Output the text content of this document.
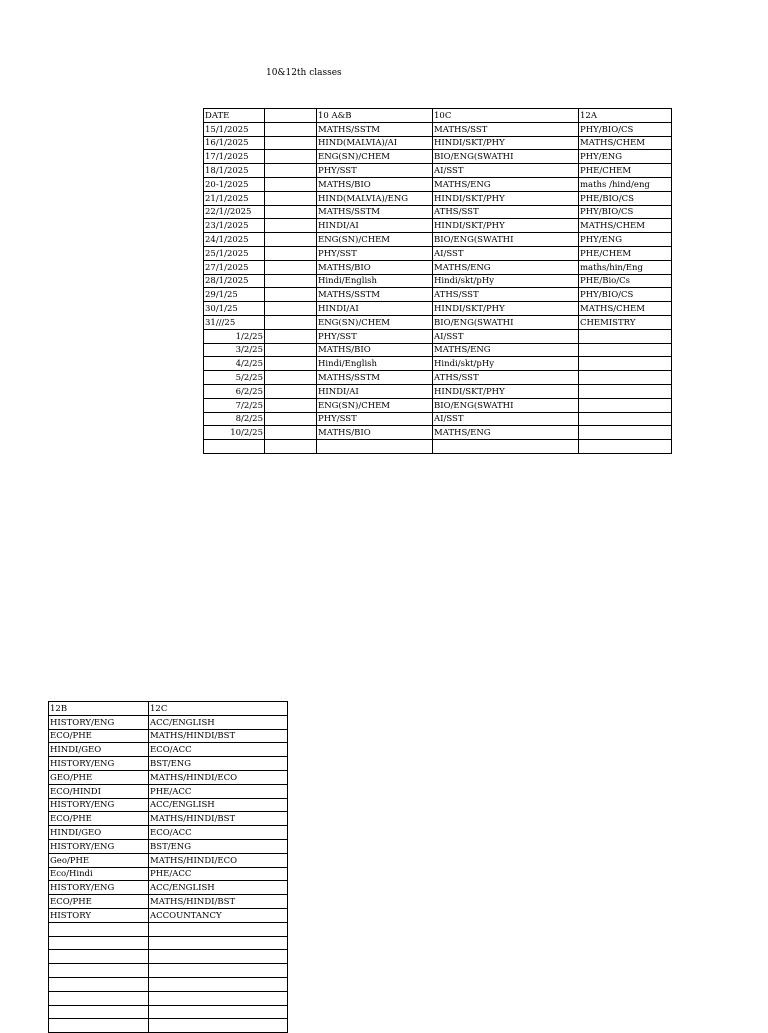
10&12th classes
DATE		10 A&B	10C	12A
15/1/2025		MATHS/SSTM	MATHS/SST	PHY/BIO/CS
16/1/2025		HIND(MALVIA)/AI	HINDI/SKT/PHY	MATHS/CHEM
17/1/2025		ENG(SN)/CHEM	BIO/ENG(SWATHI	PHY/ENG
18/1/2025		PHY/SST	AI/SST	PHE/CHEM
20-1/2025		MATHS/BIO	MATHS/ENG	maths /hind/eng
21/1/2025		HIND(MALVIA)/ENG	HINDI/SKT/PHY	PHE/BIO/CS
22/1//2025		MATHS/SSTM	ATHS/SST	PHY/BIO/CS
23/1/2025		HINDI/AI	HINDI/SKT/PHY	MATHS/CHEM
24/1/2025		ENG(SN)/CHEM	BIO/ENG(SWATHI	PHY/ENG
25/1/2025		PHY/SST	AI/SST	PHE/CHEM
27/1/2025		MATHS/BIO	MATHS/ENG	maths/hin/Eng
28/1/2025		Hindi/English	Hindi/skt/pHy	PHE/Bio/Cs
29/1/25		MATHS/SSTM	ATHS/SST	PHY/BIO/CS
30/1/25		HINDI/AI	HINDI/SKT/PHY	MATHS/CHEM
31///25		ENG(SN)/CHEM	BIO/ENG(SWATHI	CHEMISTRY
1/2/25		PHY/SST	AI/SST	
3/2/25		MATHS/BIO	MATHS/ENG	
4/2/25		Hindi/English	Hindi/skt/pHy	
5/2/25		MATHS/SSTM	ATHS/SST	
6/2/25		HINDI/AI	HINDI/SKT/PHY	
7/2/25		ENG(SN)/CHEM	BIO/ENG(SWATHI	
8/2/25		PHY/SST	AI/SST	
10/2/25		MATHS/BIO	MATHS/ENG	

12B	12C
HISTORY/ENG	ACC/ENGLISH
ECO/PHE	MATHS/HINDI/BST
HINDI/GEO	ECO/ACC
HISTORY/ENG	BST/ENG
GEO/PHE	MATHS/HINDI/ECO
ECO/HINDI	PHE/ACC
HISTORY/ENG	ACC/ENGLISH
ECO/PHE	MATHS/HINDI/BST
HINDI/GEO	ECO/ACC
HISTORY/ENG	BST/ENG
Geo/PHE	MATHS/HINDI/ECO
Eco/Hindi	PHE/ACC
HISTORY/ENG	ACC/ENGLISH
ECO/PHE	MATHS/HINDI/BST
HISTORY	ACCOUNTANCY
